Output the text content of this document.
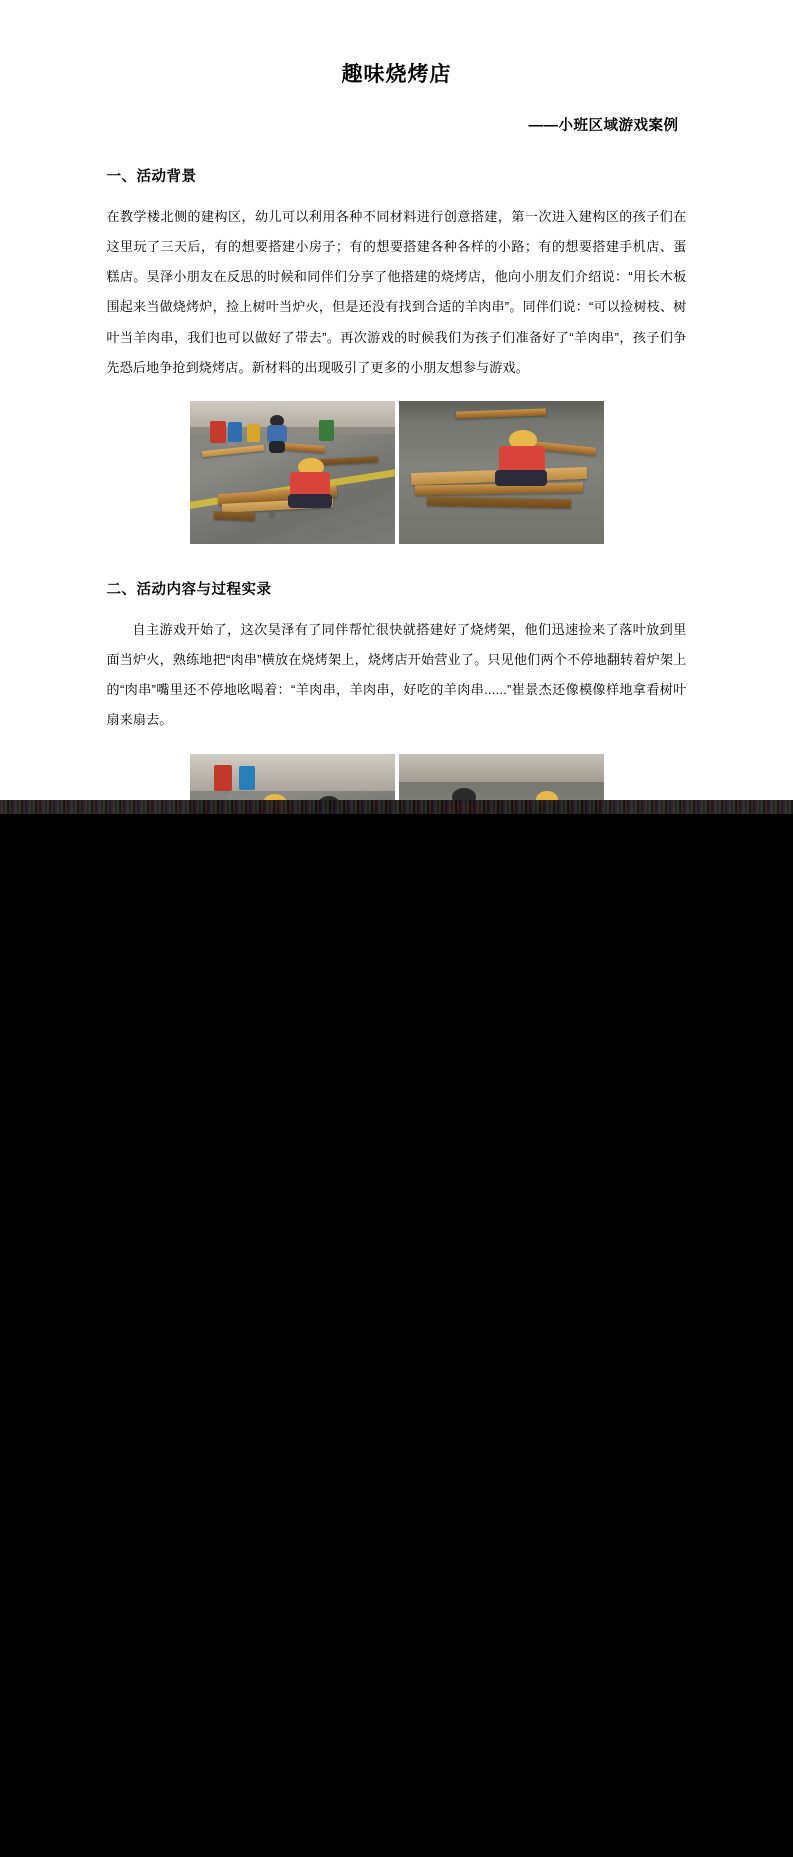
趣味烧烤店
——小班区域游戏案例
一、活动背景

在教学楼北侧的建构区，幼儿可以利用各种不同材料进行创意搭建，第一次进入建构区的孩子们在这里玩了三天后，有的想要搭建小房子；有的想要搭建各种各样的小路；有的想要搭建手机店、蛋糕店。昊泽小朋友在反思的时候和同伴们分享了他搭建的烧烤店，他向小朋友们介绍说：“用长木板围起来当做烧烤炉，捡上树叶当炉火，但是还没有找到合适的羊肉串”。同伴们说：“可以捡树枝、树叶当羊肉串，我们也可以做好了带去”。再次游戏的时候我们为孩子们准备好了“羊肉串”，孩子们争先恐后地争抢到烧烤店。新材料的出现吸引了更多的小朋友想参与游戏。

二、活动内容与过程实录

自主游戏开始了，这次昊泽有了同伴帮忙很快就搭建好了烧烤架，他们迅速捡来了落叶放到里面当炉火，熟练地把“肉串”横放在烧烤架上，烧烤店开始营业了。只见他们两个不停地翻转着炉架上的“肉串”嘴里还不停地吆喝着：“羊肉串，羊肉串，好吃的羊肉串......”崔景杰还像模像样地拿看树叶扇来扇去。
